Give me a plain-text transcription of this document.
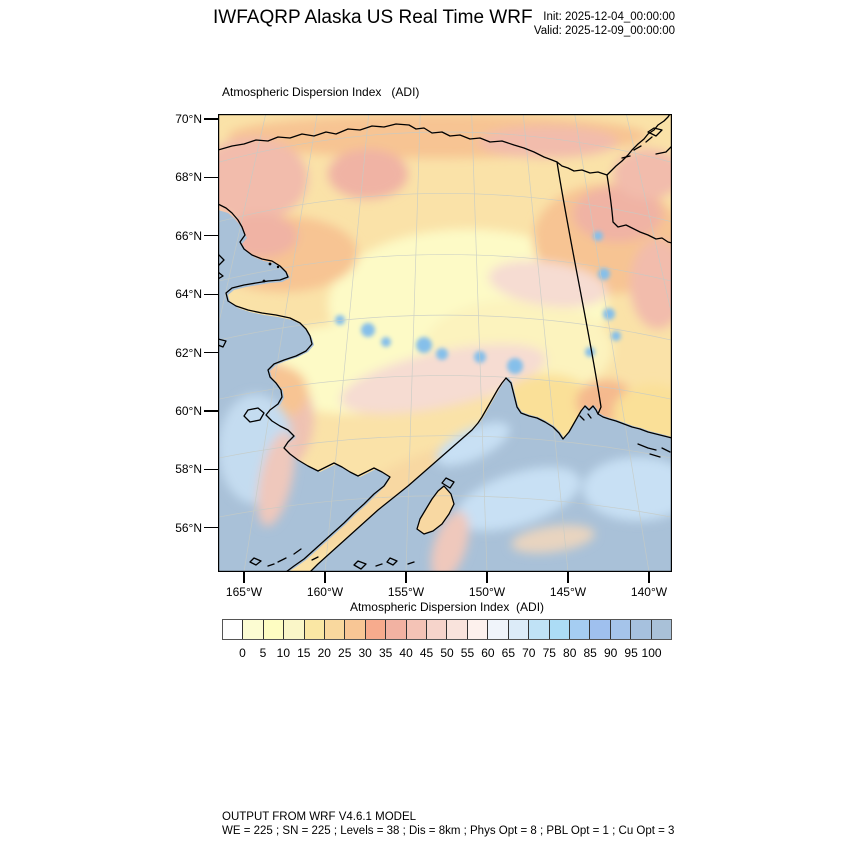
IWFAQRP Alaska US Real Time WRF Init: 2025-12-04_00:00:00
Valid: 2025-12-09_00:00:00
Atmospheric Dispersion Index   (ADI)
Atmospheric Dispersion Index  (ADI)
OUTPUT FROM WRF V4.6.1 MODEL
WE = 225 ; SN = 225 ; Levels = 38 ; Dis = 8km ; Phys Opt = 8 ; PBL Opt = 1 ; Cu Opt = 3
70°N
68°N
66°N
64°N
62°N
60°N
58°N
56°N
165°W	160°W	155°W	150°W	145°W	140°W
0	5 10 15 20 25 30 35 40 45 50 55 60 65 70 75 80 85 90 95 100
